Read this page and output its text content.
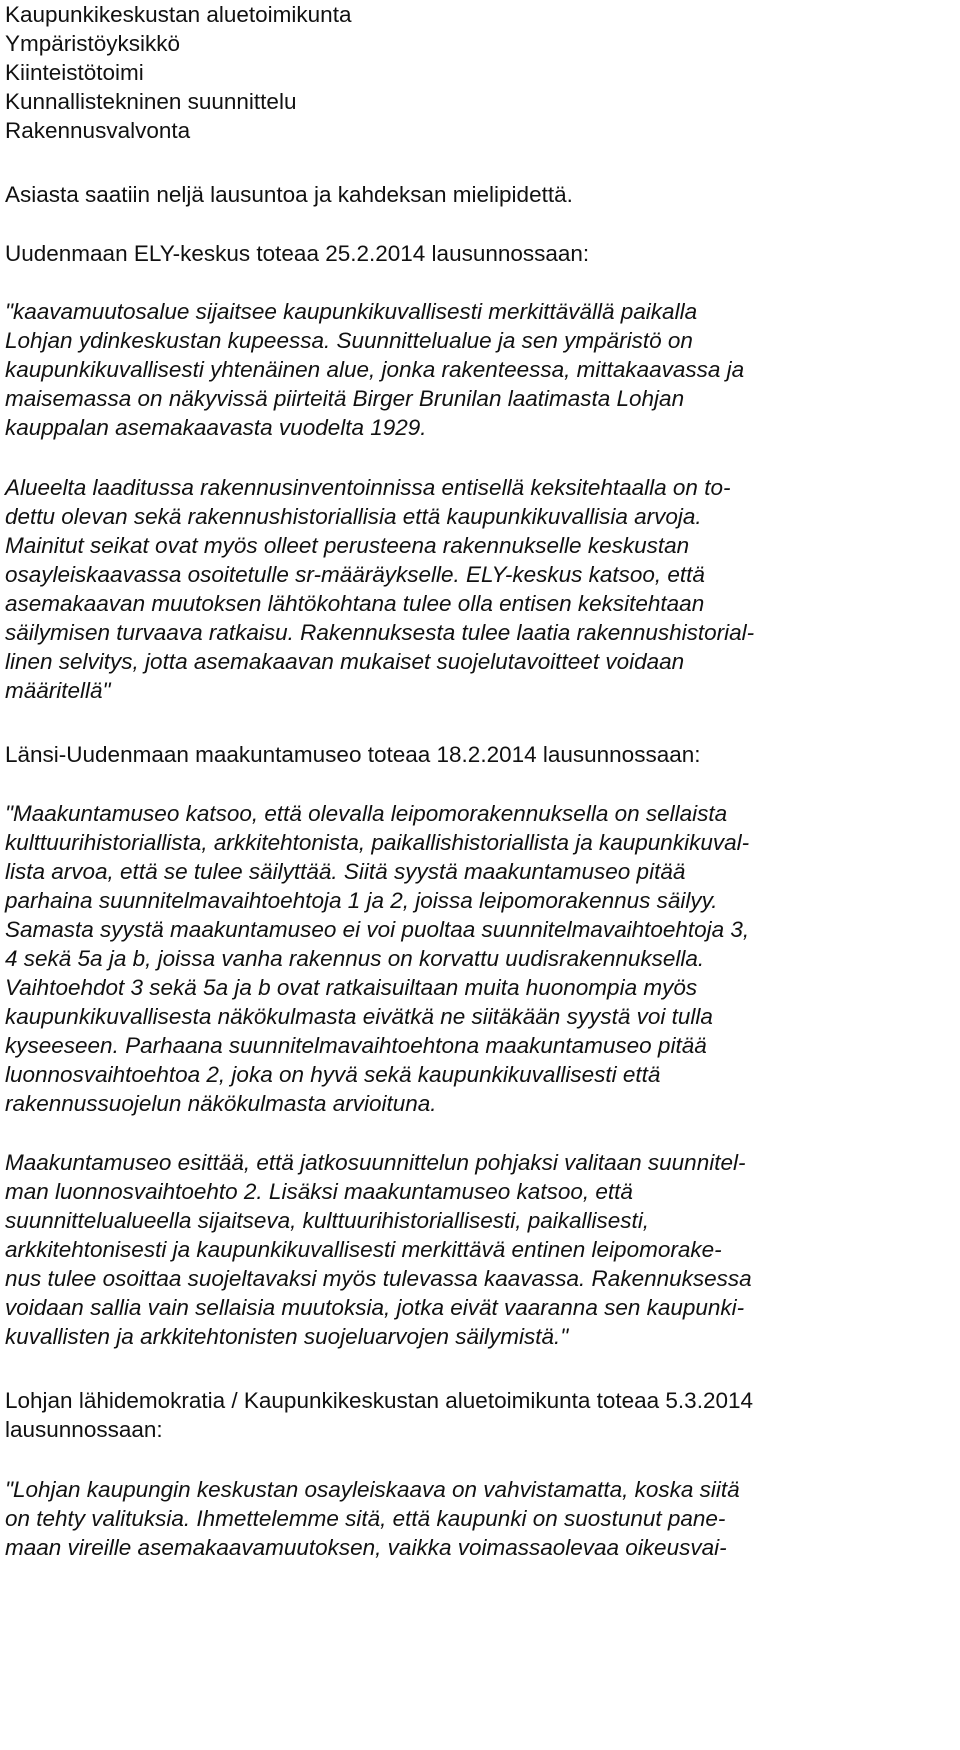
Kaupunkikeskustan aluetoimikunta
Ympäristöyksikkö
Kiinteistötoimi
Kunnallistekninen suunnittelu
Rakennusvalvonta
Asiasta saatiin neljä lausuntoa ja kahdeksan mielipidettä.
Uudenmaan ELY-keskus toteaa 25.2.2014 lausunnossaan:
"kaavamuutosalue sijaitsee kaupunkikuvallisesti merkittävällä paikalla
Lohjan ydinkeskustan kupeessa. Suunnittelualue ja sen ympäristö on
kaupunkikuvallisesti yhtenäinen alue, jonka rakenteessa, mittakaavassa ja
maisemassa on näkyvissä piirteitä Birger Brunilan laatimasta Lohjan
kauppalan asemakaavasta vuodelta 1929.
Alueelta laaditussa rakennusinventoinnissa entisellä keksitehtaalla on to-
dettu olevan sekä rakennushistoriallisia että kaupunkikuvallisia arvoja.
Mainitut seikat ovat myös olleet perusteena rakennukselle keskustan
osayleiskaavassa osoitetulle sr-määräykselle. ELY-keskus katsoo, että
asemakaavan muutoksen lähtökohtana tulee olla entisen keksitehtaan
säilymisen turvaava ratkaisu. Rakennuksesta tulee laatia rakennushistorial-
linen selvitys, jotta asemakaavan mukaiset suojelutavoitteet voidaan
määritellä"
Länsi-Uudenmaan maakuntamuseo toteaa 18.2.2014 lausunnossaan:
"Maakuntamuseo katsoo, että olevalla leipomorakennuksella on sellaista
kulttuurihistoriallista, arkkitehtonista, paikallishistoriallista ja kaupunkikuval-
lista arvoa, että se tulee säilyttää. Siitä syystä maakuntamuseo pitää
parhaina suunnitelmavaihtoehtoja 1 ja 2, joissa leipomorakennus säilyy.
Samasta syystä maakuntamuseo ei voi puoltaa suunnitelmavaihtoehtoja 3,
4 sekä 5a ja b, joissa vanha rakennus on korvattu uudisrakennuksella.
Vaihtoehdot 3 sekä 5a ja b ovat ratkaisuiltaan muita huonompia myös
kaupunkikuvallisesta näkökulmasta eivätkä ne siitäkään syystä voi tulla
kyseeseen. Parhaana suunnitelmavaihtoehtona maakuntamuseo pitää
luonnosvaihtoehtoa 2, joka on hyvä sekä kaupunkikuvallisesti että
rakennussuojelun näkökulmasta arvioituna.
Maakuntamuseo esittää, että jatkosuunnittelun pohjaksi valitaan suunnitel-
man luonnosvaihtoehto 2. Lisäksi maakuntamuseo katsoo, että
suunnittelualueella sijaitseva, kulttuurihistoriallisesti, paikallisesti,
arkkitehtonisesti ja kaupunkikuvallisesti merkittävä entinen leipomorake-
nus tulee osoittaa suojeltavaksi myös tulevassa kaavassa. Rakennuksessa
voidaan sallia vain sellaisia muutoksia, jotka eivät vaaranna sen kaupunki-
kuvallisten ja arkkitehtonisten suojeluarvojen säilymistä."
Lohjan lähidemokratia / Kaupunkikeskustan aluetoimikunta toteaa 5.3.2014
lausunnossaan:
"Lohjan kaupungin keskustan osayleiskaava on vahvistamatta, koska siitä
on tehty valituksia. Ihmettelemme sitä, että kaupunki on suostunut pane-
maan vireille asemakaavamuutoksen, vaikka voimassaolevaa oikeusvai-
